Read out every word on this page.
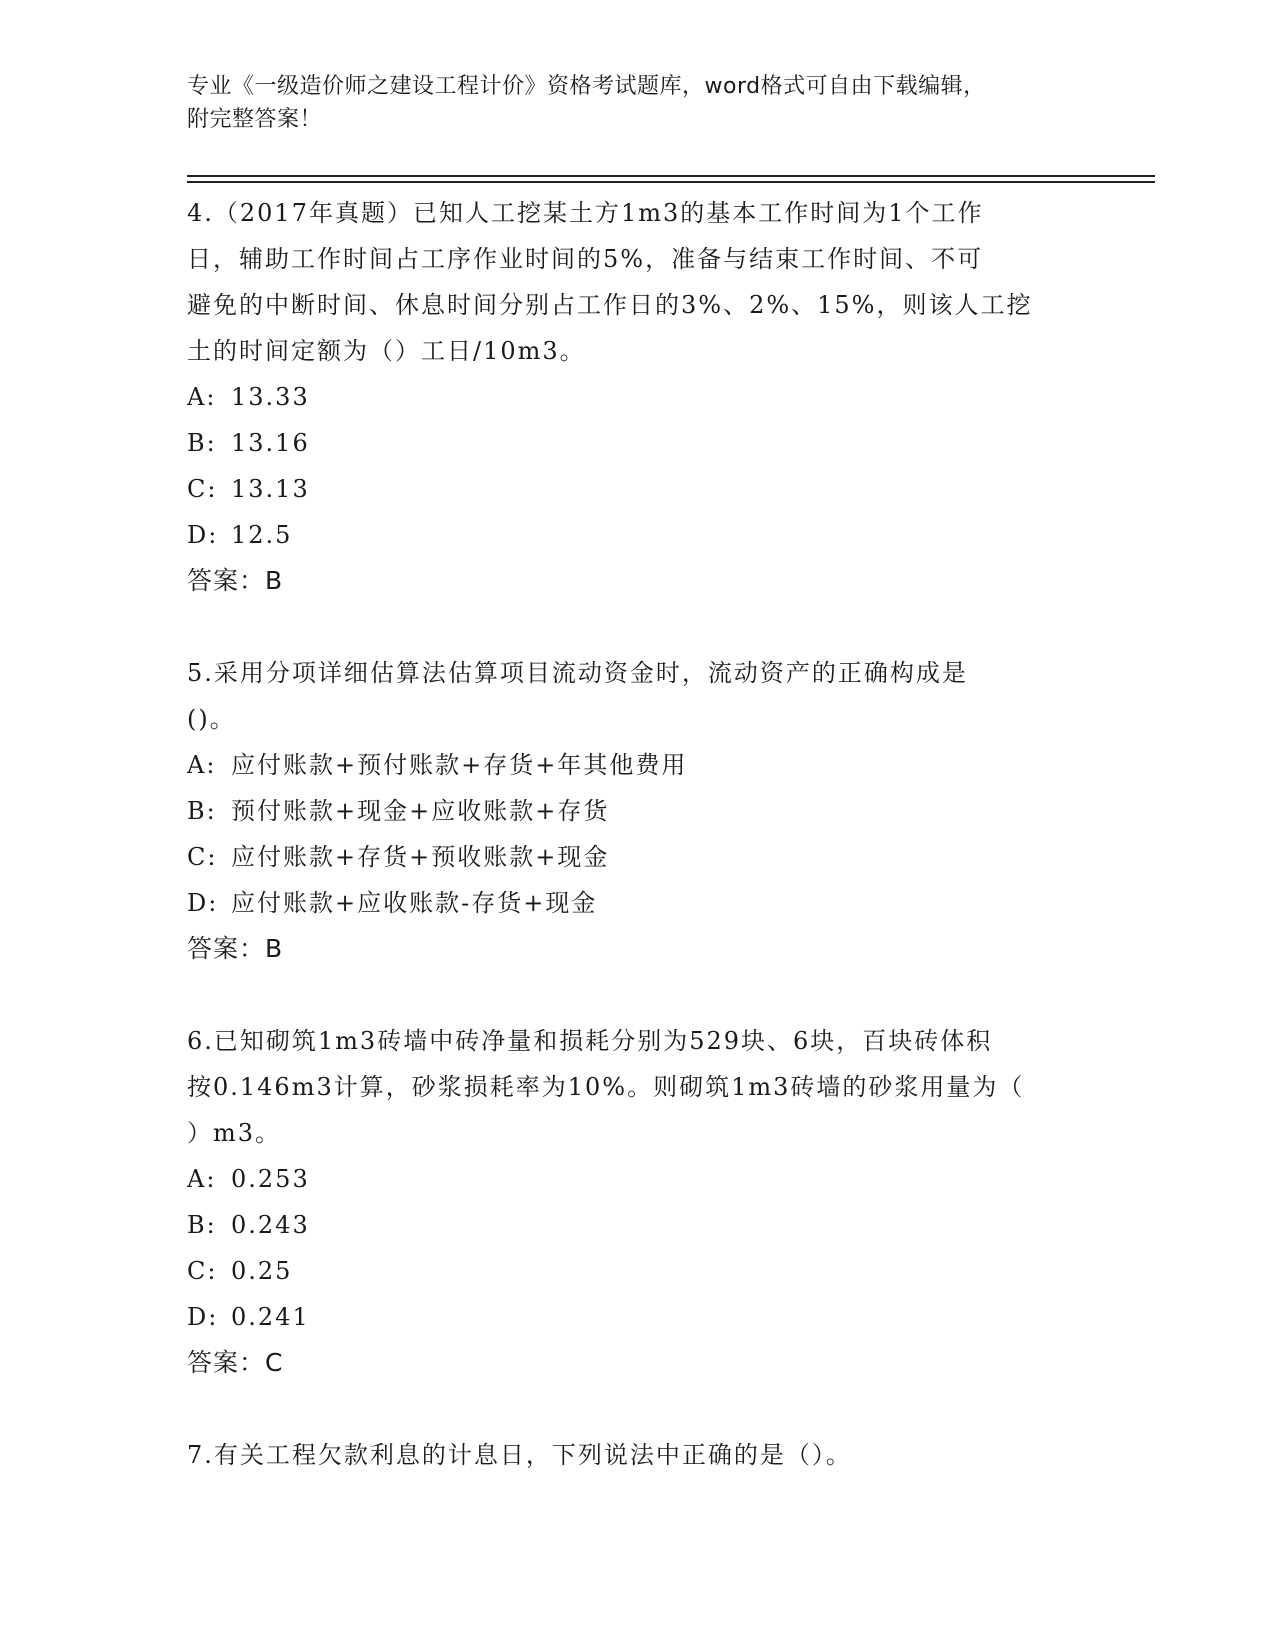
专业《一级造价师之建设工程计价》资格考试题库，word格式可自由下载编辑，
附完整答案！
4.（2017年真题）已知人工挖某土方1m3的基本工作时间为1个工作
日，辅助工作时间占工序作业时间的5%，准备与结束工作时间、不可
避免的中断时间、休息时间分别占工作日的3%、2%、15%，则该人工挖
土的时间定额为（）工日/10m3。
A: 13.33
B: 13.16
C: 13.13
D: 12.5
答案：B
5.采用分项详细估算法估算项目流动资金时，流动资产的正确构成是
()。
A: 应付账款+预付账款+存货+年其他费用
B: 预付账款+现金+应收账款+存货
C: 应付账款+存货+预收账款+现金
D: 应付账款+应收账款-存货+现金
答案：B
6.已知砌筑1m3砖墙中砖净量和损耗分别为529块、6块，百块砖体积
按0.146m3计算，砂浆损耗率为10%。则砌筑1m3砖墙的砂浆用量为（
）m3。
A: 0.253
B: 0.243
C: 0.25
D: 0.241
答案：C
7.有关工程欠款利息的计息日，下列说法中正确的是（）。
